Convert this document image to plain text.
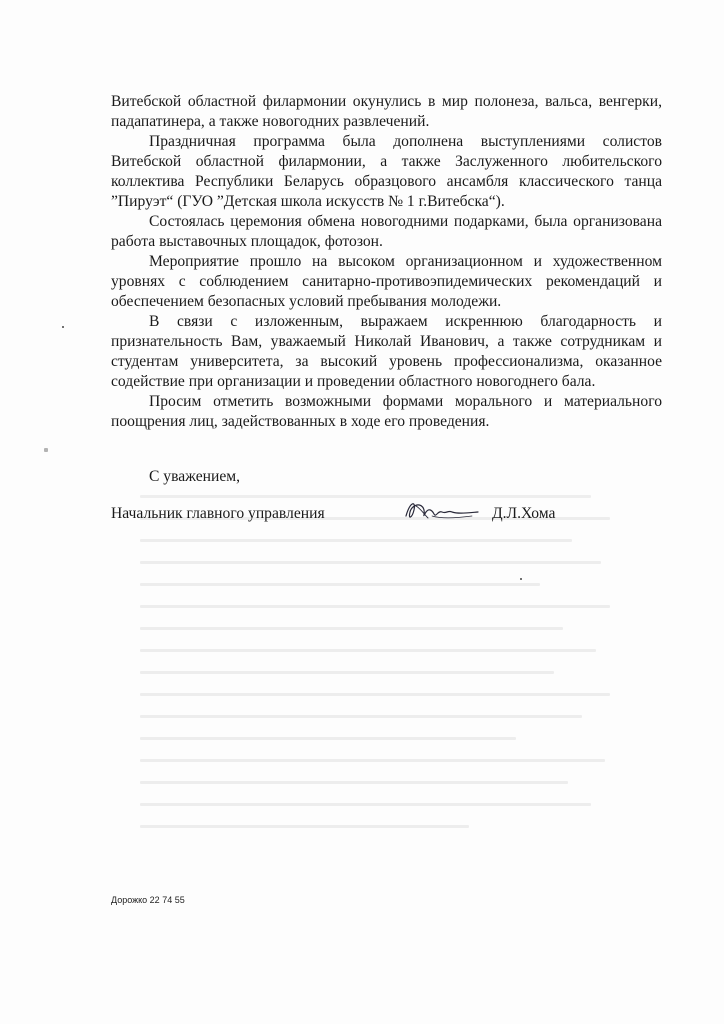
Витебской областной филармонии окунулись в мир полонеза, вальса, венгерки, падапатинера, а также новогодних развлечений.

Праздничная программа была дополнена выступлениями солистов Витебской областной филармонии, а также Заслуженного любительского коллектива Республики Беларусь образцового ансамбля классического танца ”Пируэт“ (ГУО ”Детская школа искусств № 1 г.Витебска“).

Состоялась церемония обмена новогодними подарками, была организована работа выставочных площадок, фотозон.

Мероприятие прошло на высоком организационном и художественном уровнях с соблюдением санитарно-противоэпидемических рекомендаций и обеспечением безопасных условий пребывания молодежи.

В связи с изложенным, выражаем искреннюю благодарность и признательность Вам, уважаемый Николай Иванович, а также сотрудникам и студентам университета, за высокий уровень профессионализма, оказанное содействие при организации и проведении областного новогоднего бала.

Просим отметить возможными формами морального и материального поощрения лиц, задействованных в ходе его проведения.

С уважением,
Начальник главного управления	Д.Л.Хома
Дорожко 22 74 55
